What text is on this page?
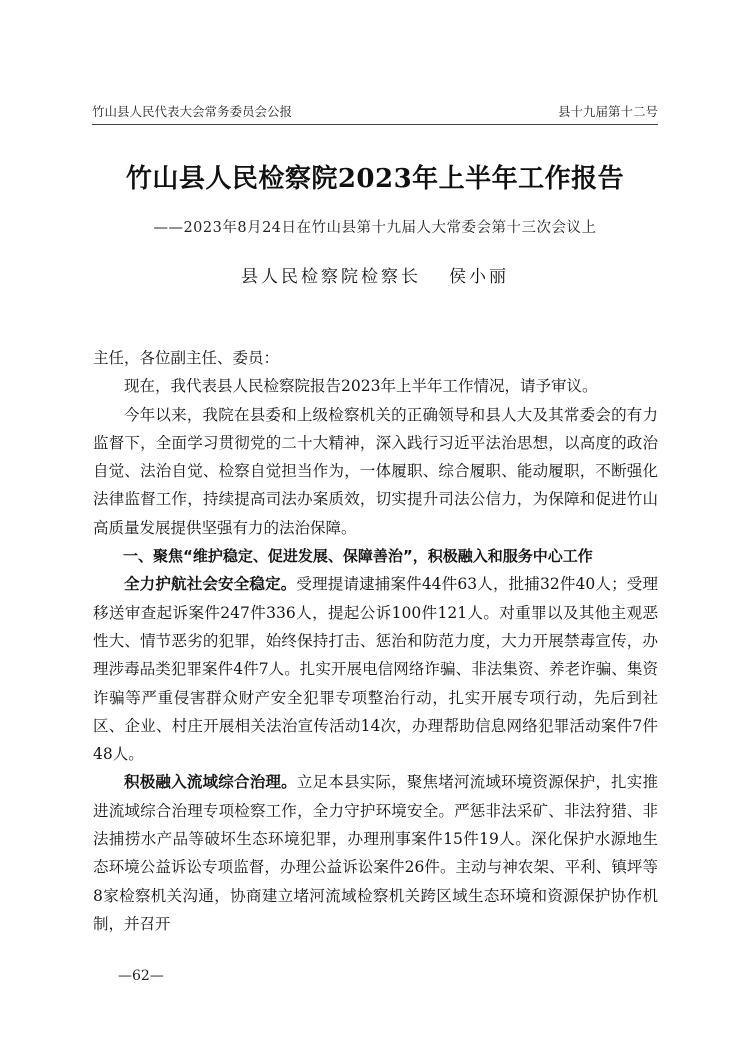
竹山县人民代表大会常务委员会公报	县十九届第十二号
竹山县人民检察院2023年上半年工作报告
——2023年8月24日在竹山县第十九届人大常委会第十三次会议上
县人民检察院检察长 侯小丽

主任，各位副主任、委员：

现在，我代表县人民检察院报告2023年上半年工作情况，请予审议。

今年以来，我院在县委和上级检察机关的正确领导和县人大及其常委会的有力监督下，全面学习贯彻党的二十大精神，深入践行习近平法治思想，以高度的政治自觉、法治自觉、检察自觉担当作为，一体履职、综合履职、能动履职，不断强化法律监督工作，持续提高司法办案质效，切实提升司法公信力，为保障和促进竹山高质量发展提供坚强有力的法治保障。

一、聚焦“维护稳定、促进发展、保障善治”，积极融入和服务中心工作

全力护航社会安全稳定。受理提请逮捕案件44件63人，批捕32件40人；受理移送审查起诉案件247件336人，提起公诉100件121人。对重罪以及其他主观恶性大、情节恶劣的犯罪，始终保持打击、惩治和防范力度，大力开展禁毒宣传，办理涉毒品类犯罪案件4件7人。扎实开展电信网络诈骗、非法集资、养老诈骗、集资诈骗等严重侵害群众财产安全犯罪专项整治行动，扎实开展专项行动，先后到社区、企业、村庄开展相关法治宣传活动14次，办理帮助信息网络犯罪活动案件7件48人。

积极融入流域综合治理。立足本县实际，聚焦堵河流域环境资源保护，扎实推进流域综合治理专项检察工作，全力守护环境安全。严惩非法采矿、非法狩猎、非法捕捞水产品等破坏生态环境犯罪，办理刑事案件15件19人。深化保护水源地生态环境公益诉讼专项监督，办理公益诉讼案件26件。主动与神农架、平利、镇坪等8家检察机关沟通，协商建立堵河流域检察机关跨区域生态环境和资源保护协作机制，并召开

—62—
